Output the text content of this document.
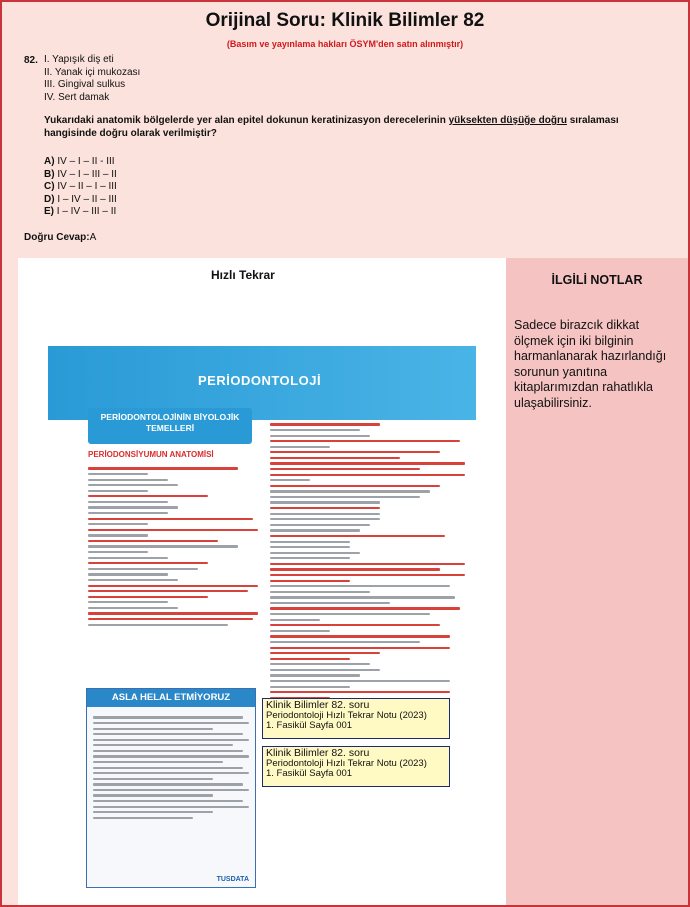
Orijinal Soru: Klinik Bilimler 82
(Basım ve yayınlama hakları ÖSYM'den satın alınmıştır)
82. I. Yapışık diş eti
II. Yanak içi mukozası
III. Gingival sulkus
IV. Sert damak
Yukarıdaki anatomik bölgelerde yer alan epitel dokunun keratinizasyon derecelerinin yüksekten düşüğe doğru sıralaması hangisinde doğru olarak verilmiştir?
A) IV – I – II - III
B) IV – I – III – II
C) IV – II – I – III
D) I – IV – II – III
E) I – IV – III – II
Doğru Cevap:A
Hızlı Tekrar
PERİODONTOLOJİ
PERİODONTOLOJİNİN BİYOLOJİK
TEMELLERİ
PERİODONSİYUMUN ANATOMİSİ
ASLA HELAL ETMİYORUZ
TUSDATA
Klinik Bilimler 82. soru
Periodontoloji Hızlı Tekrar Notu (2023)
1. Fasikül Sayfa 001
Klinik Bilimler 82. soru
Periodontoloji Hızlı Tekrar Notu (2023)
1. Fasikül Sayfa 001
İLGİLİ NOTLAR
Sadece birazcık dikkat ölçmek için iki bilginin harmanlanarak hazırlandığı sorunun yanıtına kitaplarımızdan rahatlıkla ulaşabilirsiniz.
